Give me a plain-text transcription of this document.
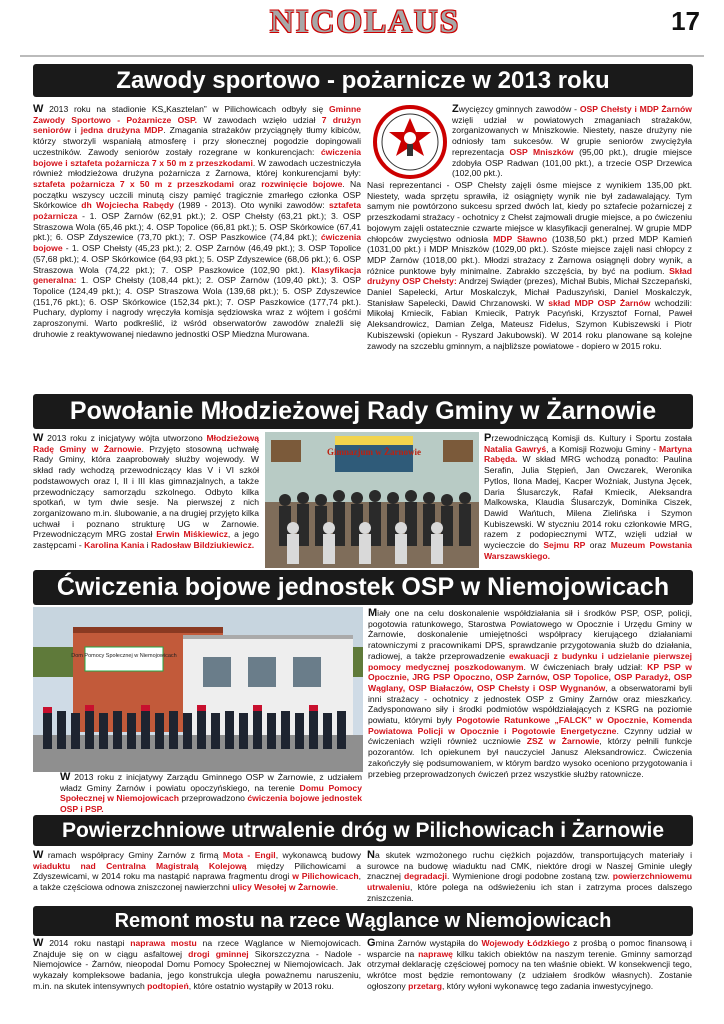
NICOLAUS	17
Zawody sportowo - pożarnicze w 2013 roku
W 2013 roku na stadionie KS„Kasztelan” w Pilichowicach odbyły się Gminne Zawody Sportowo - Pożarnicze OSP. W zawodach wzięło udział 7 drużyn seniorów i jedna drużyna MDP. Zmagania strażaków przyciągnęły tłumy kibiców, którzy stworzyli wspaniałą atmosferę i przy słonecznej pogodzie dopingowali uczestników. Zawody seniorów zostały rozegrane w konkurencjach: ćwiczenia bojowe i sztafeta pożarnicza 7 x 50 m z przeszkodami. W zawodach uczestniczyła również młodzieżowa drużyna pożarnicza z Żarnowa, której konkurencjami były: sztafeta pożarnicza 7 x 50 m z przeszkodami oraz rozwinięcie bojowe. Na początku wszyscy uczcili minutą ciszy pamięć tragicznie zmarłego członka OSP Skórkowice dh Wojciecha Rabędy (1989 - 2013). Oto wyniki zawodów: sztafeta pożarnicza - 1. OSP Żarnów (62,91 pkt.); 2. OSP Chełsty (63,21 pkt.); 3. OSP Straszowa Wola (65,46 pkt.); 4. OSP Topolice (66,81 pkt.); 5. OSP Skórkowice (67,41 pkt.); 6. OSP Zdyszewice (73,70 pkt.); 7. OSP Paszkowice (74,84 pkt.); ćwiczenia bojowe - 1. OSP Chełsty (45,23 pkt.); 2. OSP Żarnów (46,49 pkt.); 3. OSP Topolice (57,68 pkt.); 4. OSP Skórkowice (64,93 pkt.); 5. OSP Zdyszewice (68,06 pkt.); 6. OSP Straszowa Wola (74,22 pkt.); 7. OSP Paszkowice (102,90 pkt.). Klasyfikacja generalna: 1. OSP Chełsty (108,44 pkt.); 2. OSP Żarnów (109,40 pkt.); 3. OSP Topolice (124,49 pkt.); 4. OSP Straszowa Wola (139,68 pkt.); 5. OSP Zdyszewice (151,76 pkt.); 6. OSP Skórkowice (152,34 pkt.); 7. OSP Paszkowice (177,74 pkt.). Puchary, dyplomy i nagrody wręczyła komisja sędziowska wraz z wójtem i gośćmi zaproszonymi. Warto podkreślić, iż wśród obserwatorów zawodów znaleźli się druhowie z reaktywowanej niedawno jednostki OSP Miedzna Murowana.
Zwycięzcy gminnych zawodów - OSP Chełsty i MDP Żarnów wzięli udział w powiatowych zmaganiach strażaków, zorganizowanych w Mniszkowie. Niestety, nasze drużyny nie odniosły tam sukcesów. W grupie seniorów zwyciężyła reprezentacja OSP Mniszków (95,00 pkt.), drugie miejsce zdobyła OSP Radwan (101,00 pkt.), a trzecie OSP Drzewica (102,00 pkt.).
Nasi reprezentanci - OSP Chełsty zajęli ósme miejsce z wynikiem 135,00 pkt. Niestety, wada sprzętu sprawiła, iż osiągnięty wynik nie był zadawalający. Tym samym nie powtórzono sukcesu sprzed dwóch lat, kiedy po sztafecie pożarniczej z przeszkodami strażacy - ochotnicy z Chełst zajmowali drugie miejsce, a po ćwiczeniu bojowym zajęli ostatecznie czwarte miejsce w klasyfikacji generalnej. W grupie MDP chłopców zwycięstwo odniosła MDP Sławno (1038,50 pkt.) przed MDP Kamień (1031,00 pkt.) i MDP Mniszków (1029,00 pkt.). Szóste miejsce zajęli nasi chłopcy z MDP Żarnów (1018,00 pkt.). Młodzi strażacy z Żarnowa osiągnęli dobry wynik, a różnice punktowe były minimalne. Zabrakło szczęścia, by być na podium. Skład drużyny OSP Chełsty: Andrzej Swiąder (prezes), Michał Bubis, Michał Szczepański, Daniel Sapelecki, Artur Moskalczyk, Michał Paduszyński, Daniel Moskalczyk, Stanisław Sapelecki, Dawid Chrzanowski. W skład MDP OSP Żarnów wchodzili: Mikołaj Kmiecik, Fabian Kmiecik, Patryk Pacyński, Krzysztof Fornal, Paweł Aleksandrowicz, Damian Zelga, Mateusz Fidelus, Szymon Kubiszewski i Piotr Kubiszewski (opiekun - Ryszard Jakubowski). W 2014 roku planowane są kolejne zawody na szczeblu gminnym, a najbliższe powiatowe - dopiero w 2015 roku.
Powołanie Młodzieżowej Rady Gminy w Żarnowie
W 2013 roku z inicjatywy wójta utworzono Młodzieżową Radę Gminy w Żarnowie. Przyjęto stosowną uchwałę Rady Gminy, która zaaprobowały służby wojewody. W skład rady wchodzą przewodniczący klas V i VI szkół podstawowych oraz I, II i III klas gimnazjalnych, a także przewodniczący samorządu szkolnego. Odbyto kilka spotkań, w tym dwie sesje. Na pierwszej z nich zorganizowano m.in. ślubowanie, a na drugiej przyjęto kilka uchwał i poznano strukturę UG w Żarnowie. Przewodniczącym MRG został Erwin Miśkiewicz, a jego zastępcami - Karolina Kania i Radosław Bildziukiewicz.
Gimnazjum w Żarnowie
Przewodniczącą Komisji ds. Kultury i Sportu została Natalia Gawryś, a Komisji Rozwoju Gminy - Martyna Rabęda. W skład MRG wchodzą ponadto: Paulina Serafin, Julia Stępień, Jan Owczarek, Weronika Pytlos, Ilona Madej, Kacper Woźniak, Justyna Jęcek, Daria Ślusarczyk, Rafał Kmiecik, Aleksandra Malkowska, Klaudia Ślusarczyk, Dominika Ciszek, Dawid Wańtuch, Milena Zielińska i Szymon Kubiszewski. W styczniu 2014 roku członkowie MRG, razem z podopiecznymi WTZ, wzięli udział w wycieczcie do Sejmu RP oraz Muzeum Powstania Warszawskiego.
Ćwiczenia bojowe jednostek OSP w Niemojowicach
Dom Pomocy Społecznej w Niemojowicach
W 2013 roku z inicjatywy Zarządu Gminnego OSP w Żarnowie, z udziałem władz Gminy Żarnów i powiatu opoczyńskiego, na terenie Domu Pomocy Społecznej w Niemojowicach przeprowadzono ćwiczenia bojowe jednostek OSP i PSP.
Miały one na celu doskonalenie współdziałania sił i środków PSP, OSP, policji, pogotowia ratunkowego, Starostwa Powiatowego w Opocznie i Urzędu Gminy w Żarnowie, doskonalenie umiejętności współpracy kierującego działaniami ratowniczymi z pracownikami DPS, sprawdzanie przygotowania służb do działania, radiowej, a także przeprowadzenie ewakuacji z budynku i udzielanie pierwszej pomocy medycznej poszkodowanym. W ćwiczeniach brały udział: KP PSP w Opocznie, JRG PSP Opoczno, OSP Żarnów, OSP Topolice, OSP Paradyż, OSP Wąglany, OSP Białaczów, OSP Chełsty i OSP Wygnanów, a obserwatorami byli inni strażacy - ochotnicy z jednostek OSP z Gminy Żarnów oraz mieszkańcy. Zadysponowano siły i środki podmiotów współdziałających z KSRG na poziomie powiatu, którymi były Pogotowie Ratunkowe „FALCK” w Opocznie, Komenda Powiatowa Policji w Opocznie i Pogotowie Energetyczne. Czynny udział w ćwiczeniach wzięli również uczniowie ZSZ w Żarnowie, którzy pełnili funkcje pozorantów. Ich opiekunem był nauczyciel Janusz Aleksandrowicz. Ćwiczenia zakończyły się podsumowaniem, w którym bardzo wysoko oceniono przygotowania i przebieg przeprowadzonych ćwiczeń przez wszystkie służby ratownicze.
Powierzchniowe utrwalenie dróg w Pilichowicach i Żarnowie
W ramach współpracy Gminy Żarnów z firmą Mota - Engil, wykonawcą budowy wiaduktu nad Centralna Magistralą Kolejową między Pilichowicami a Zdyszewicami, w 2014 roku ma nastąpić naprawa fragmentu drogi w Pilichowicach, a także częściowa odnowa zniszczonej nawierzchni ulicy Wesołej w Żarnowie.
Na skutek wzmożonego ruchu ciężkich pojazdów, transportujących materiały i surowce na budowę wiaduktu nad CMK, niektóre drogi w Naszej Gminie uległy znacznej degradacji. Wymienione drogi podobne zostaną tzw. powierzchniowemu utrwaleniu, które polega na odświeżeniu ich stan i zatrzyma proces dalszego zniszczenia.
Remont mostu na rzece Wąglance w Niemojowicach
W 2014 roku nastąpi naprawa mostu na rzece Wąglance w Niemojowicach. Znajduje się on w ciągu asfaltowej drogi gminnej Sikorszczyzna - Nadole - Niemojowice - Żarnów, nieopodal Domu Pomocy Społecznej w Niemojowicach. Jak wykazały kompleksowe badania, jego konstrukcja uległa poważnemu naruszeniu, m.in. na skutek intensywnych podtopień, które ostatnio wystąpiły w 2013 roku.
Gmina Żarnów wystąpiła do Wojewody Łódzkiego z prośbą o pomoc finansową i wsparcie na naprawę kilku takich obiektów na naszym terenie. Gminny samorząd otrzymał deklarację częściowej pomocy na ten właśnie obiekt. W konsekwencji tego, wkrótce most będzie remontowany (z udziałem środków własnych). Zostanie ogłoszony przetarg, który wyłoni wykonawcę tego zadania inwestycyjnego.
